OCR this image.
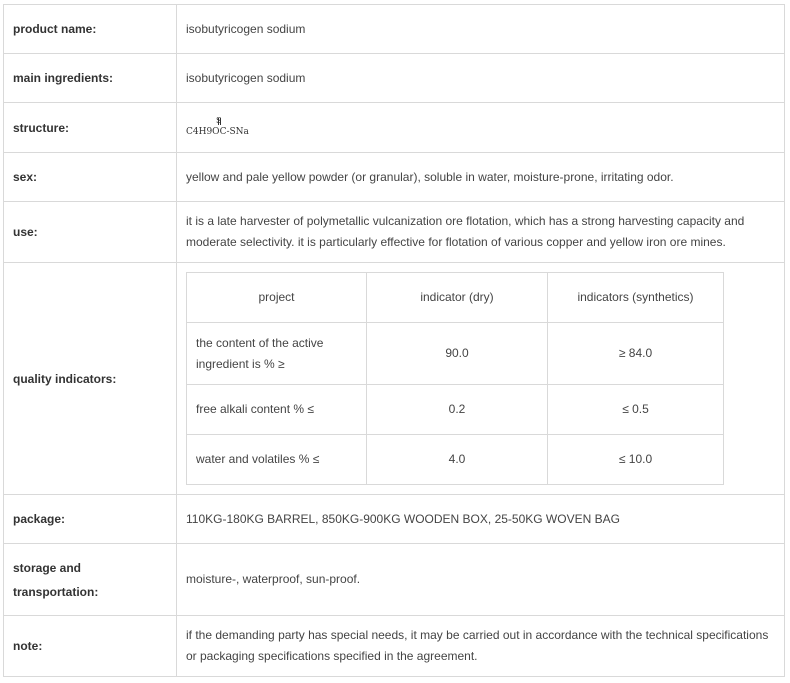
product name:	isobutyricogen sodium
main ingredients:	isobutyricogen sodium
structure:	S
C4H9OC-SNa
sex:	yellow and pale yellow powder (or granular), soluble in water, moisture-prone, irritating odor.
use:	it is a late harvester of polymetallic vulcanization ore flotation, which has a strong harvesting capacity and moderate selectivity. it is particularly effective for flotation of various copper and yellow iron ore mines.
quality indicators:	
project	indicator (dry)	indicators (synthetics)
the content of the active ingredient is % ≥	90.0	≥ 84.0
free alkali content % ≤	0.2	≤ 0.5
water and volatiles % ≤	4.0	≤ 10.0

package:	110KG-180KG BARREL, 850KG-900KG WOODEN BOX, 25-50KG WOVEN BAG

storage and
transportation:
	moisture-, waterproof, sun-proof.
note:	if the demanding party has special needs, it may be carried out in accordance with the technical specifications or packaging specifications specified in the agreement.
